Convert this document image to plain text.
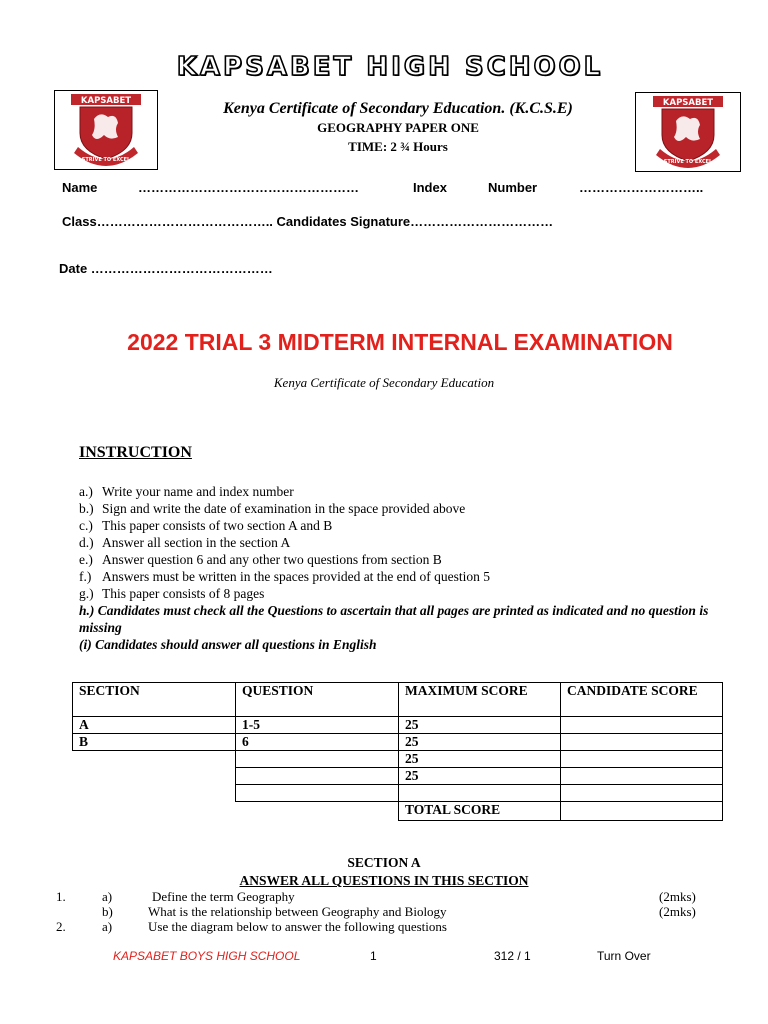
KAPSABET HIGH SCHOOL
KAPSABET
STRIVE TO EXCEL
KAPSABET
STRIVE TO EXCEL
Kenya Certificate of Secondary Education. (K.C.S.E)
GEOGRAPHY PAPER ONE
TIME: 2 ¾ Hours
Name	……………………………………………	Index	Number	………………………..
Class………………………………….. Candidates Signature……………………………
Date ……………………………………
2022 TRIAL 3 MIDTERM INTERNAL EXAMINATION
Kenya Certificate of Secondary Education
INSTRUCTION
a.) Write your name and index number
b.) Sign and write the date of examination in the space provided above
c.) This paper consists of two section A and B
d.) Answer all section in the section A
e.) Answer question 6 and any other two questions from section B
f.) Answers must be written in the spaces provided at the end of question 5
g.) This paper consists of 8 pages
h.) Candidates must check all the Questions to ascertain that all pages are printed as indicated and no question is missing
(i) Candidates should answer all questions in English
SECTION	QUESTION	MAXIMUM SCORE	CANDIDATE SCORE
A	1-5	25	
B	6	25	
		25	
		25	

		TOTAL SCORE	
SECTION A
ANSWER ALL QUESTIONS IN THIS SECTION
1.	a)	Define the term Geography	(2mks)
b)	What is the relationship between Geography and Biology	(2mks)
2.	a)	Use the diagram below to answer the following questions
KAPSABET BOYS HIGH SCHOOL	1	312 / 1	Turn Over
